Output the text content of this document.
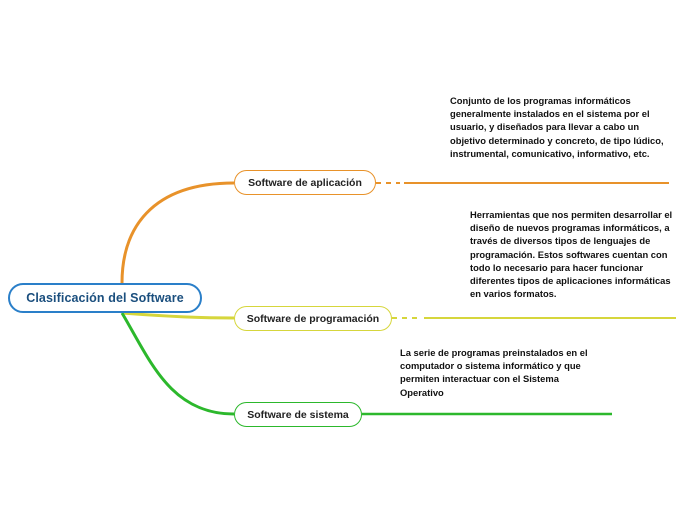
Clasificación del Software
Software de aplicación
Software de programación
Software de sistema
Conjunto de los programas informáticos generalmente instalados en el sistema por el usuario, y diseñados para llevar a cabo un objetivo determinado y concreto, de tipo lúdico, instrumental, comunicativo, informativo, etc.
Herramientas que nos permiten desarrollar el diseño de nuevos programas informáticos, a través de diversos tipos de lenguajes de programación. Estos softwares cuentan con todo lo necesario para hacer funcionar diferentes tipos de aplicaciones informáticas en varios formatos.
La serie de programas preinstalados en el computador o sistema informático y que permiten interactuar con el Sistema Operativo
